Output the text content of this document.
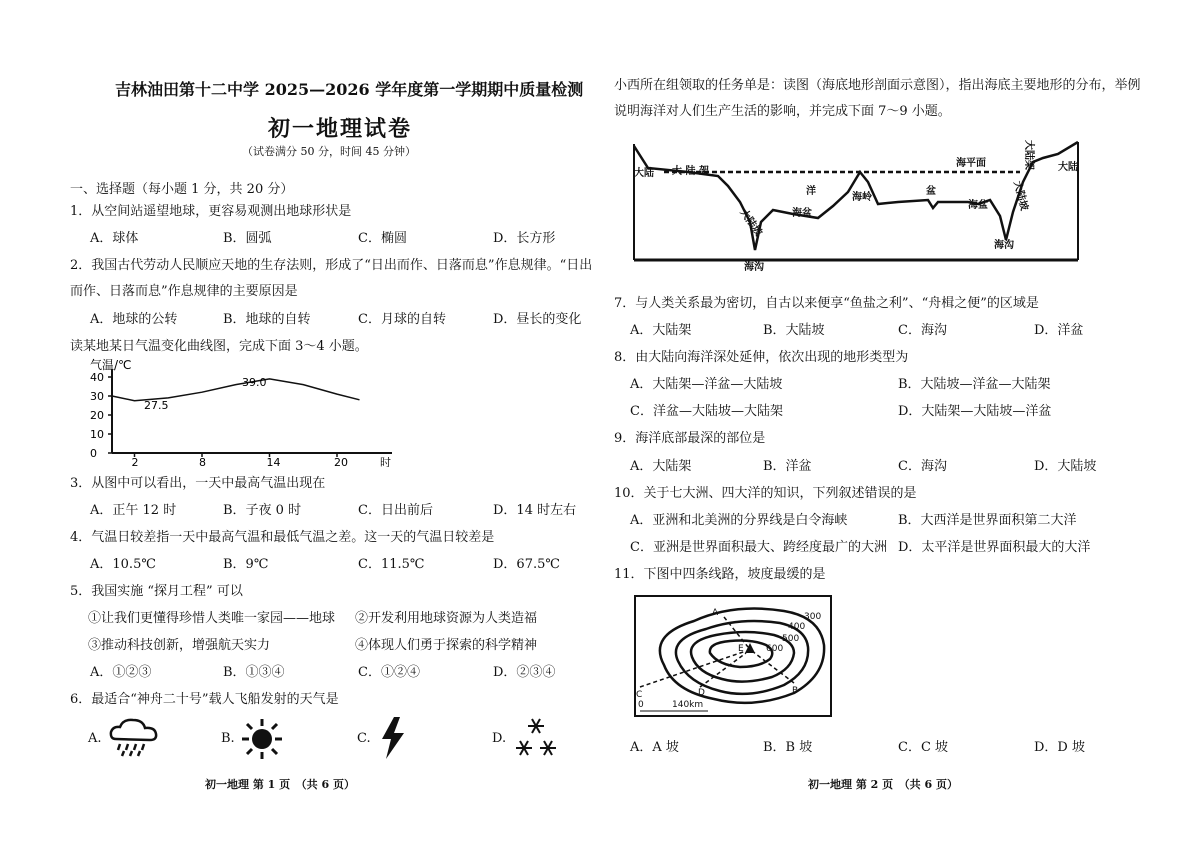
吉林油田第十二中学 2025—2026 学年度第一学期期中质量检测
初一地理试卷
（试卷满分 50 分，时间 45 分钟）
一、选择题（每小题 1 分，共 20 分）
1．从空间站遥望地球，更容易观测出地球形状是
A．球体	B．圆弧	C．椭圆	D．长方形
2．我国古代劳动人民顺应天地的生存法则，形成了“日出而作、日落而息”作息规律。“日出
而作、日落而息”作息规律的主要原因是
A．地球的公转	B．地球的自转	C．月球的自转	D．昼长的变化
读某地某日气温变化曲线图，完成下面 3～4 小题。
气温/℃
40
30
20
10
0
2	8	14	20	时
27.5
39.0
3．从图中可以看出，一天中最高气温出现在
A．正午 12 时	B．子夜 0 时	C．日出前后	D．14 时左右
4．气温日较差指一天中最高气温和最低气温之差。这一天的气温日较差是
A．10.5℃	B．9℃	C．11.5℃	D．67.5℃
5．我国实施 “探月工程” 可以
①让我们更懂得珍惜人类唯一家园——地球 ②开发利用地球资源为人类造福
③推动科技创新，增强航天实力	④体现人们勇于探索的科学精神
A．①②③	B．①③④	C．①②④	D．②③④
6．最适合“神舟二十号”载人飞船发射的天气是
A.	B.	C.	D.
初一地理 第 1 页　（共 6 页）
小西所在组领取的任务单是：读图（海底地形剖面示意图），指出海底主要地形的分布，举例
说明海洋对人们生产生活的影响，并完成下面 7～9 小题。
大陆
大陆
大 陆 架
大陆坡
海平面
洋
海盆
海岭
盆
海盆
海沟
海沟
大陆架
大陆坡
7．与人类关系最为密切，自古以来便享“鱼盐之利”、“舟楫之便”的区域是
A．大陆架	B．大陆坡	C．海沟	D．洋盆
8．由大陆向海洋深处延伸，依次出现的地形类型为
A．大陆架—洋盆—大陆坡	B．大陆坡—洋盆—大陆架
C．洋盆—大陆坡—大陆架	D．大陆架—大陆坡—洋盆
9．海洋底部最深的部位是
A．大陆架	B．洋盆	C．海沟	D．大陆坡
10．关于七大洲、四大洋的知识，下列叙述错误的是
A．亚洲和北美洲的分界线是白令海峡	B．大西洋是世界面积第二大洋
C．亚洲是世界面积最大、跨经度最广的大洲 D．太平洋是世界面积最大的大洋
11．下图中四条线路，坡度最缓的是
300
400
500
600
A
B
C	D
E
0	140km
A．A 坡	B．B 坡	C．C 坡	D．D 坡
初一地理 第 2 页　（共 6 页）
